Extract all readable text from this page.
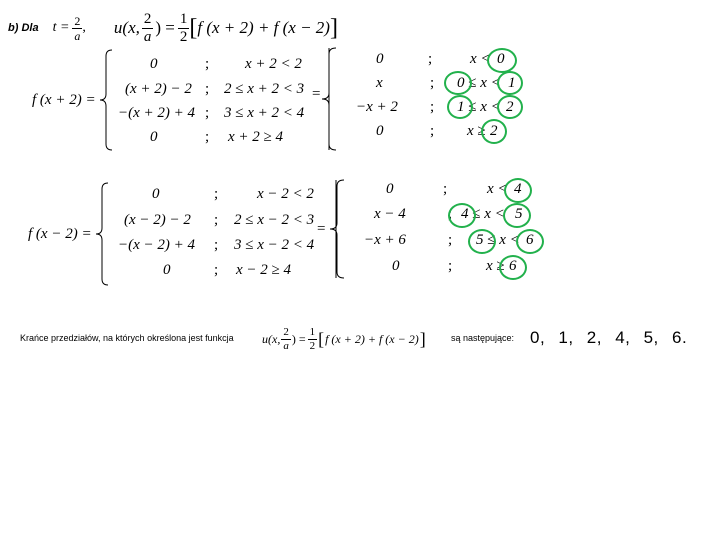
b) Dla $t = \frac{2}{a}$ , u(x, $\frac{2}{a}$ ) = $\frac{1}{2}$ [ f (x + 2) + f (x − 2) ]
f (x + 2) =
0	; x + 2 < 2
(x + 2) − 2 ; 2 ≤ x + 2 < 3
−(x + 2) + 4 ; 3 ≤ x + 2 < 4
0	; x + 2 ≥ 4
=
0	;	x < 0
x	; 0 ≤ x < 1
−x + 2 ; 1 ≤ x < 2
0	; x ≥ 2
f (x − 2) =
0	;	x − 2 < 2
(x − 2) − 2 ; 2 ≤ x − 2 < 3
−(x − 2) + 4 ; 3 ≤ x − 2 < 4
0	; x − 2 ≥ 4
=
0	;	x < 4
x − 4	; 4 ≤ x < 5
−x + 6	; 5 ≤ x < 6
0	; x ≥ 6
Krańce przedziałów, na których określona jest funkcja u(x, $\frac{2}{a}$ ) = $\frac{1}{2}$ [ f (x + 2) + f (x − 2) ]	są następujące: 0, 1, 2, 4, 5, 6.
